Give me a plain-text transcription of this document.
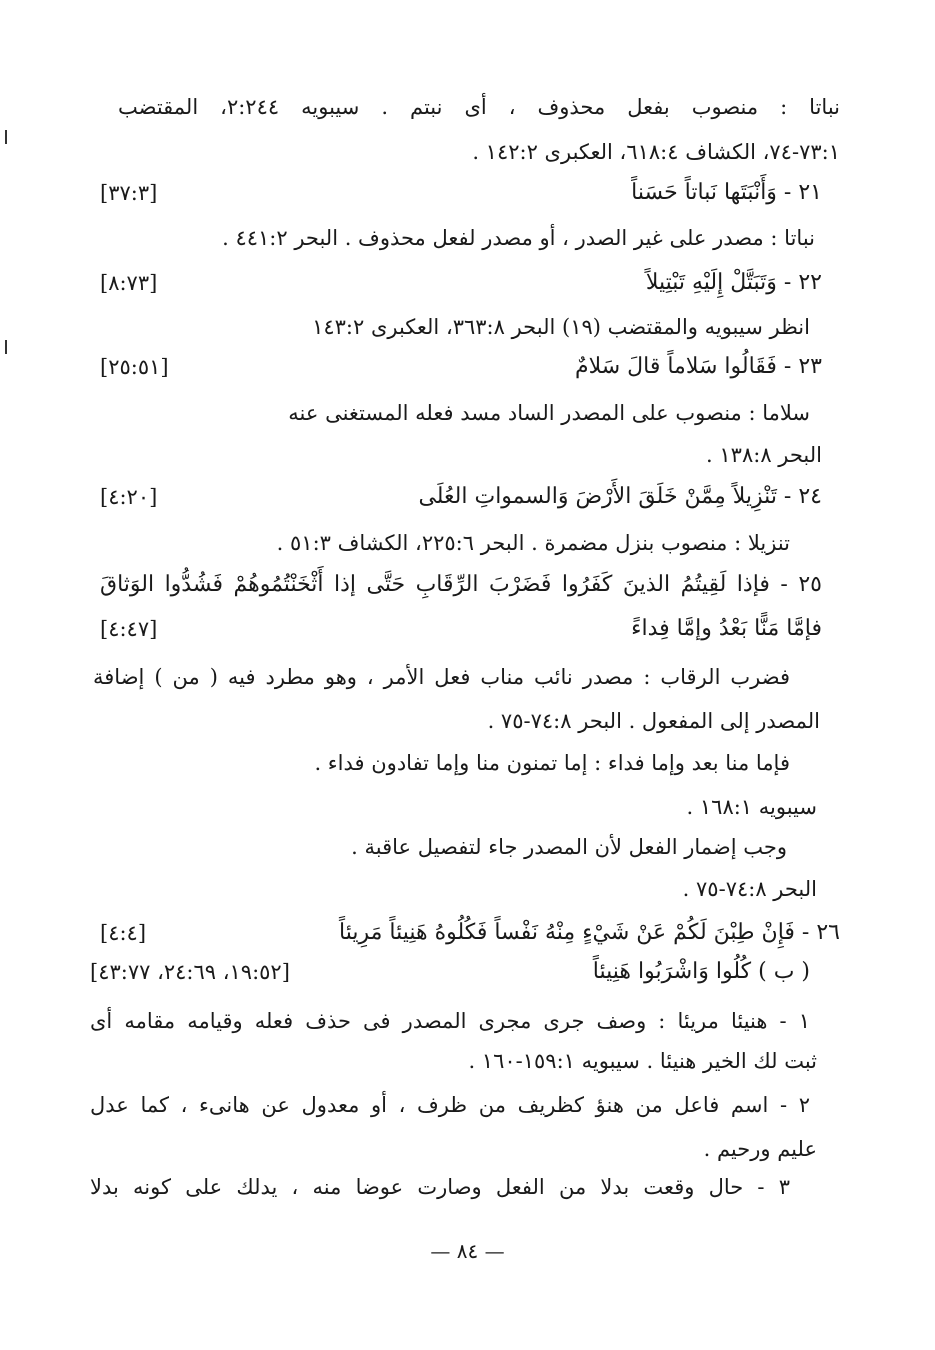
نباتا : منصوب بفعل محذوف ، أى نبتم . سيبويه ٢:٢٤٤، المقتضب
٧٣:١-٧٤، الكشاف ٦١٨:٤، العكبرى ١٤٢:٢ .
٢١ - وَأَنْبَتَها نَباتاً حَسَناً
[٣٧:٣]
نباتا : مصدر على غير الصدر ، أو مصدر لفعل محذوف . البحر ٤٤١:٢ .
٢٢ - وَتَبَتَّلْ إِلَيْهِ تَبْتِيلاً
[٨:٧٣]
انظر سيبويه والمقتضب (١٩) البحر ٣٦٣:٨، العكبرى ١٤٣:٢
٢٣ - فَقَالُوا سَلاماً قالَ سَلامٌ
[٢٥:٥١]
سلاما : منصوب على المصدر الساد مسد فعله المستغنى عنه
البحر ١٣٨:٨ .
٢٤ - تَنْزِيلاً مِمَّنْ خَلَقَ الأَرْضَ وَالسمواتِ العُلَى
[٤:٢٠]
تنزيلا : منصوب بنزل مضمرة . البحر ٢٢٥:٦، الكشاف ٥١:٣ .
٢٥ - فإذا لَقِيتُمُ الذينَ كَفَرُوا فَضَرْبَ الرِّقَابِ حَتَّى إذا أَثْخَنْتُمُوهُمْ فَشُدُّوا الوَثاقَ
فإمَّا مَنًّا بَعْدُ وإمَّا فِداءً
[٤:٤٧]
فضرب الرقاب : مصدر نائب مناب فعل الأمر ، وهو مطرد فيه ( من ) إضافة
المصدر إلى المفعول . البحر ٧٤:٨-٧٥ .
فإما منا بعد وإما فداء : إما تمنون منا وإما تفادون فداء .
سيبويه ١٦٨:١ .
وجب إضمار الفعل لأن المصدر جاء لتفصيل عاقبة .
البحر ٧٤:٨-٧٥ .
٢٦ - فَإِنْ طِبْنَ لَكُمْ عَنْ شَيْءٍ مِنْهُ نَفْساً فَكُلُوهُ هَنِيئاً مَرِيئاً
[٤:٤]
( ب ) كُلُوا وَاشْرَبُوا هَنِيئاً
[١٩:٥٢، ٢٤:٦٩، ٤٣:٧٧]
١ - هنيئا مريئا : وصف جرى مجرى المصدر فى حذف فعله وقيامه مقامه أى
ثبت لك الخير هنيئا . سيبويه ١٥٩:١-١٦٠ .
٢ - اسم فاعل من هنؤ كظريف من ظرف ، أو معدول عن هانىء ، كما عدل
عليم ورحيم .
٣ - حال وقعت بدلا من الفعل وصارت عوضا منه ، يدلك على كونه بدلا
— ٨٤ —
